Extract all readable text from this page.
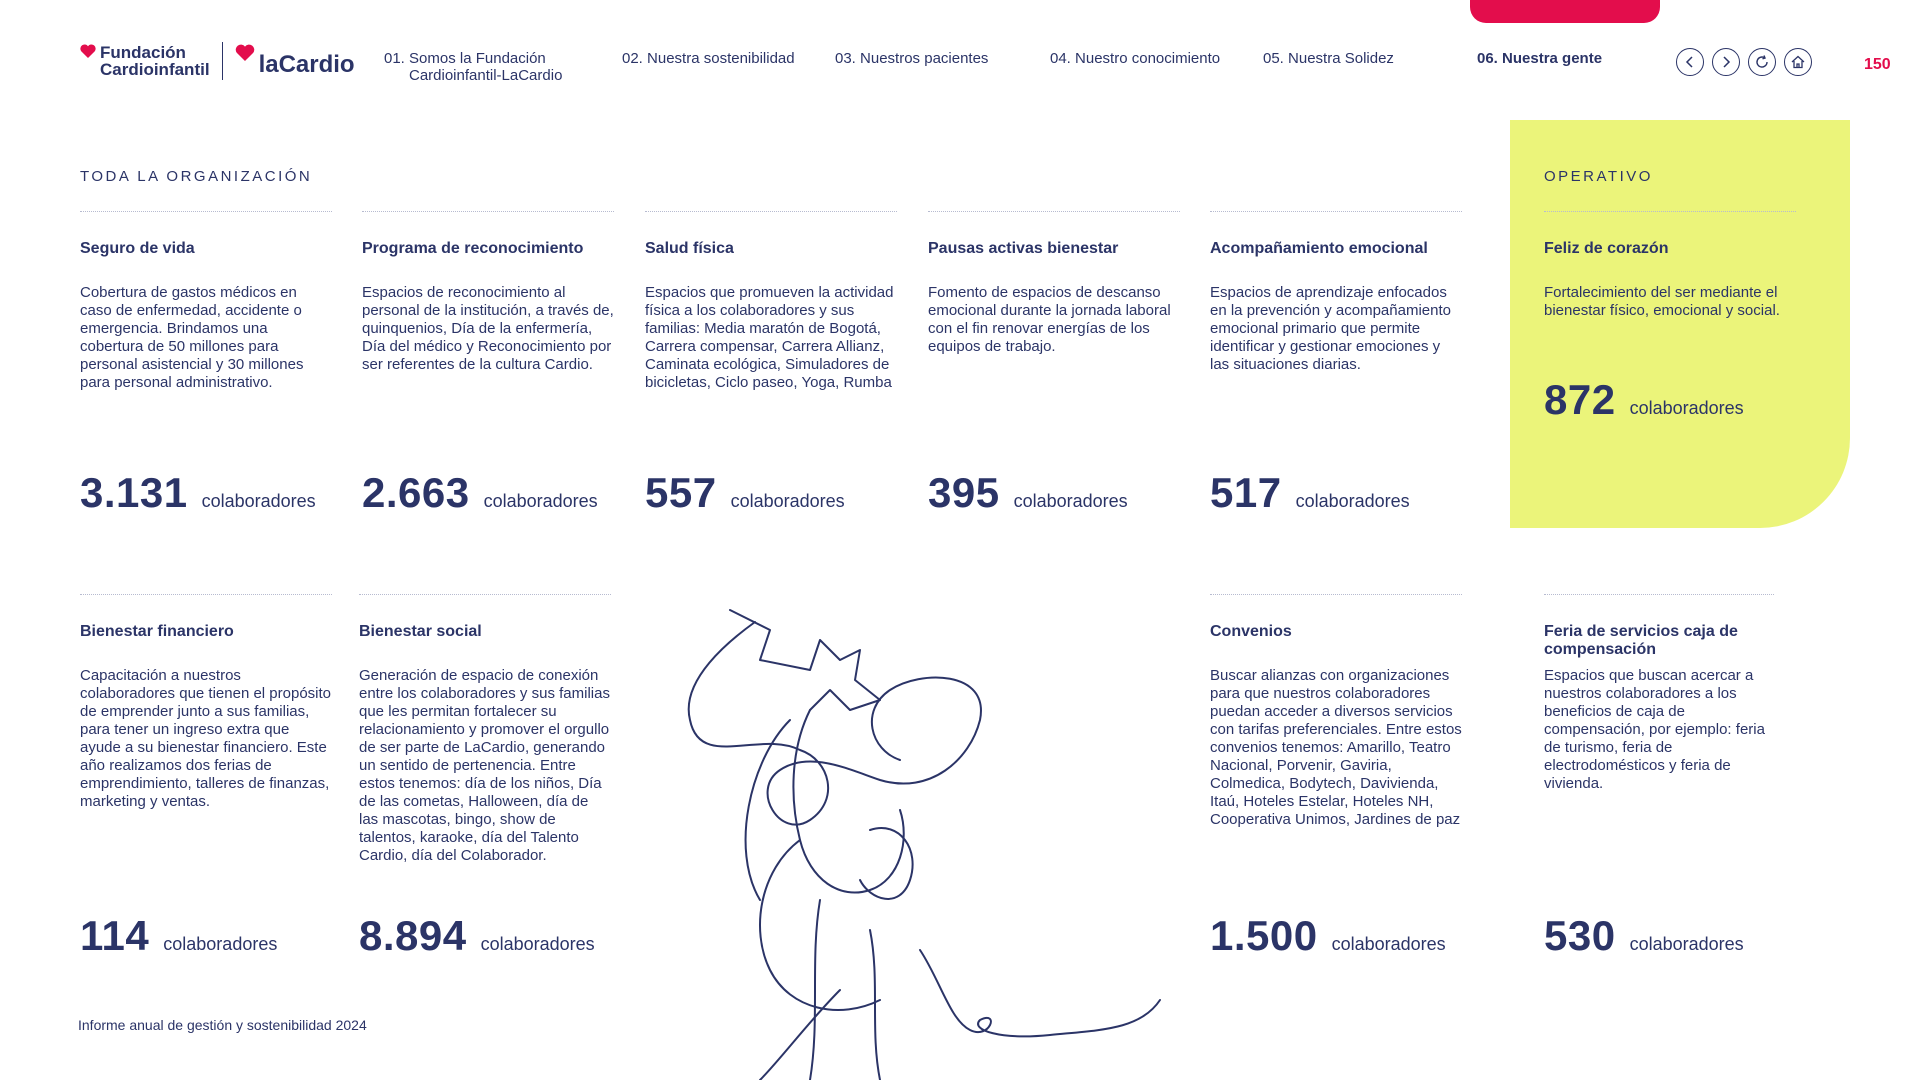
Fundación
Cardioinfantil laCardio 01. Somos la Fundación
Cardioinfantil-LaCardio
02. Nuestra sostenibilidad	03. Nuestros pacientes	04. Nuestro conocimiento	05. Nuestra Solidez	06. Nuestra gente	150
TODA LA ORGANIZACIÓN	OPERATIVO
Seguro de vida
Cobertura de gastos médicos en caso de enfermedad, accidente o emergencia. Brindamos una cobertura de 50 millones para personal asistencial y 30 millones para personal administrativo.
3.131 colaboradores
Programa de reconocimiento
Espacios de reconocimiento al personal de la institución, a través de, quinquenios, Día de la enfermería, Día del médico y Reconocimiento por ser referentes de la cultura Cardio.
2.663 colaboradores
Salud física
Espacios que promueven la actividad física a los colaboradores y sus familias: Media maratón de Bogotá, Carrera compensar, Carrera Allianz, Caminata ecológica, Simuladores de bicicletas, Ciclo paseo, Yoga, Rumba
557 colaboradores
Pausas activas bienestar
Fomento de espacios de descanso emocional durante la jornada laboral con el fin renovar energías de los equipos de trabajo.
395 colaboradores
Acompañamiento emocional
Espacios de aprendizaje enfocados en la prevención y acompañamiento emocional primario que permite identificar y gestionar emociones y las situaciones diarias.
517 colaboradores
Feliz de corazón
Fortalecimiento del ser mediante el bienestar físico, emocional y social.
872 colaboradores
Bienestar financiero
Capacitación a nuestros colaboradores que tienen el propósito de emprender junto a sus familias, para tener un ingreso extra que ayude a su bienestar financiero. Este año realizamos dos ferias de emprendimiento, talleres de finanzas, marketing y ventas.
114 colaboradores
Bienestar social
Generación de espacio de conexión entre los colaboradores y sus familias que les permitan fortalecer su relacionamiento y promover el orgullo de ser parte de LaCardio, generando un sentido de pertenencia. Entre estos tenemos: día de los niños, Día de las cometas, Halloween, día de las mascotas, bingo, show de talentos, karaoke, día del Talento Cardio, día del Colaborador.
8.894 colaboradores
Convenios
Buscar alianzas con organizaciones para que nuestros colaboradores puedan acceder a diversos servicios con tarifas preferenciales. Entre estos convenios tenemos: Amarillo, Teatro Nacional, Porvenir, Gaviria, Colmedica, Bodytech, Davivienda, Itaú, Hoteles Estelar, Hoteles NH, Cooperativa Unimos, Jardines de paz
1.500 colaboradores
Feria de servicios caja de compensación
Espacios que buscan acercar a nuestros colaboradores a los beneficios de caja de compensación, por ejemplo: feria de turismo, feria de electrodomésticos y feria de vivienda.
530 colaboradores
Informe anual de gestión y sostenibilidad 2024
